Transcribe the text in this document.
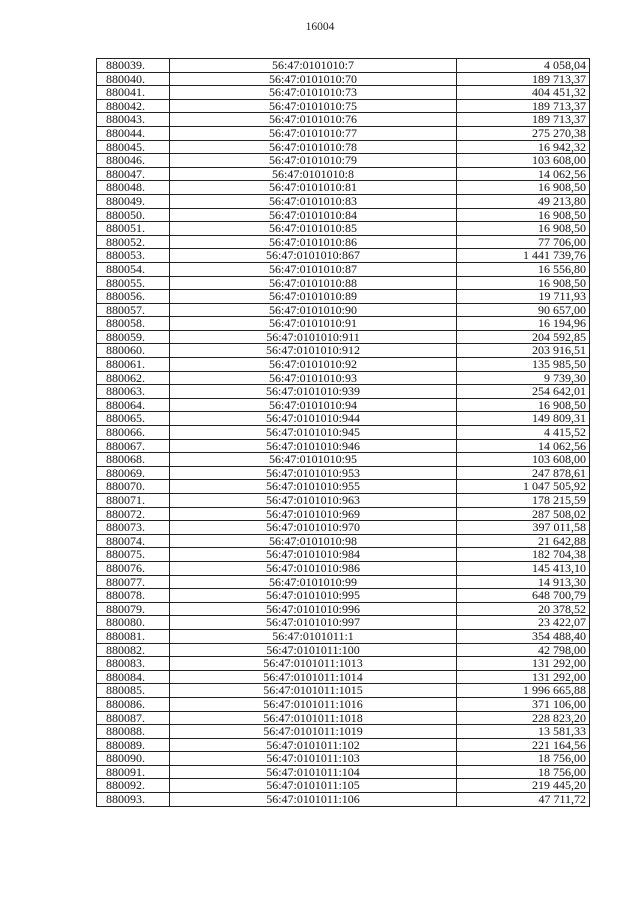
16004
880039.	56:47:0101010:7	4 058,04
880040.	56:47:0101010:70	189 713,37
880041.	56:47:0101010:73	404 451,32
880042.	56:47:0101010:75	189 713,37
880043.	56:47:0101010:76	189 713,37
880044.	56:47:0101010:77	275 270,38
880045.	56:47:0101010:78	16 942,32
880046.	56:47:0101010:79	103 608,00
880047.	56:47:0101010:8	14 062,56
880048.	56:47:0101010:81	16 908,50
880049.	56:47:0101010:83	49 213,80
880050.	56:47:0101010:84	16 908,50
880051.	56:47:0101010:85	16 908,50
880052.	56:47:0101010:86	77 706,00
880053.	56:47:0101010:867	1 441 739,76
880054.	56:47:0101010:87	16 556,80
880055.	56:47:0101010:88	16 908,50
880056.	56:47:0101010:89	19 711,93
880057.	56:47:0101010:90	90 657,00
880058.	56:47:0101010:91	16 194,96
880059.	56:47:0101010:911	204 592,85
880060.	56:47:0101010:912	203 916,51
880061.	56:47:0101010:92	135 985,50
880062.	56:47:0101010:93	9 739,30
880063.	56:47:0101010:939	254 642,01
880064.	56:47:0101010:94	16 908,50
880065.	56:47:0101010:944	149 809,31
880066.	56:47:0101010:945	4 415,52
880067.	56:47:0101010:946	14 062,56
880068.	56:47:0101010:95	103 608,00
880069.	56:47:0101010:953	247 878,61
880070.	56:47:0101010:955	1 047 505,92
880071.	56:47:0101010:963	178 215,59
880072.	56:47:0101010:969	287 508,02
880073.	56:47:0101010:970	397 011,58
880074.	56:47:0101010:98	21 642,88
880075.	56:47:0101010:984	182 704,38
880076.	56:47:0101010:986	145 413,10
880077.	56:47:0101010:99	14 913,30
880078.	56:47:0101010:995	648 700,79
880079.	56:47:0101010:996	20 378,52
880080.	56:47:0101010:997	23 422,07
880081.	56:47:0101011:1	354 488,40
880082.	56:47:0101011:100	42 798,00
880083.	56:47:0101011:1013	131 292,00
880084.	56:47:0101011:1014	131 292,00
880085.	56:47:0101011:1015	1 996 665,88
880086.	56:47:0101011:1016	371 106,00
880087.	56:47:0101011:1018	228 823,20
880088.	56:47:0101011:1019	13 581,33
880089.	56:47:0101011:102	221 164,56
880090.	56:47:0101011:103	18 756,00
880091.	56:47:0101011:104	18 756,00
880092.	56:47:0101011:105	219 445,20
880093.	56:47:0101011:106	47 711,72
